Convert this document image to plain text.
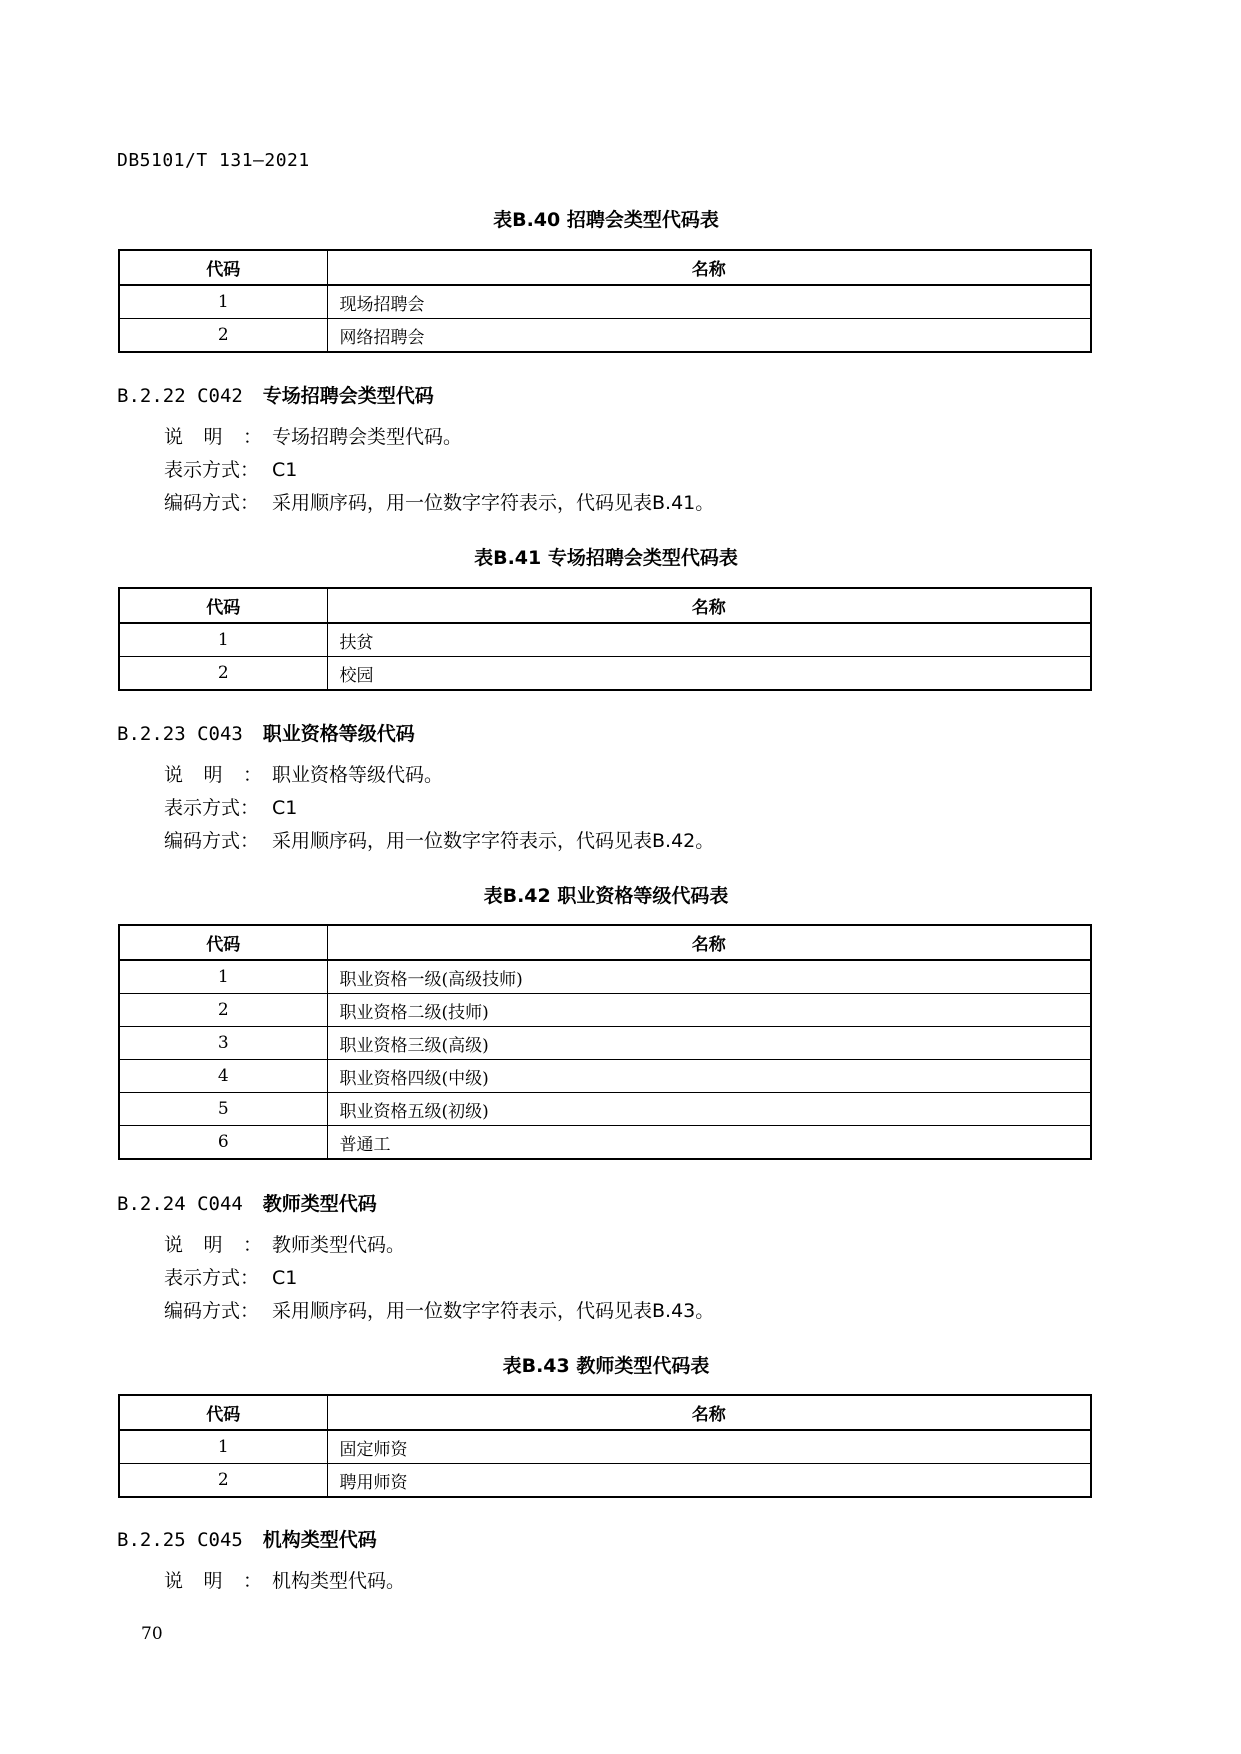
DB5101/T 131—2021
表B.40 招聘会类型代码表
代码	名称
1	现场招聘会
2	网络招聘会
B.2.22 C042 专场招聘会类型代码
说明： 专场招聘会类型代码。
表示方式： C1
编码方式： 采用顺序码，用一位数字字符表示，代码见表B.41。
表B.41 专场招聘会类型代码表
代码	名称
1	扶贫
2	校园
B.2.23 C043 职业资格等级代码
说明： 职业资格等级代码。
表示方式： C1
编码方式： 采用顺序码，用一位数字字符表示，代码见表B.42。
表B.42 职业资格等级代码表
代码	名称
1	职业资格一级(高级技师)
2	职业资格二级(技师)
3	职业资格三级(高级)
4	职业资格四级(中级)
5	职业资格五级(初级)
6	普通工
B.2.24 C044 教师类型代码
说明： 教师类型代码。
表示方式： C1
编码方式： 采用顺序码，用一位数字字符表示，代码见表B.43。
表B.43 教师类型代码表
代码	名称
1	固定师资
2	聘用师资
B.2.25 C045 机构类型代码
说明： 机构类型代码。
70
